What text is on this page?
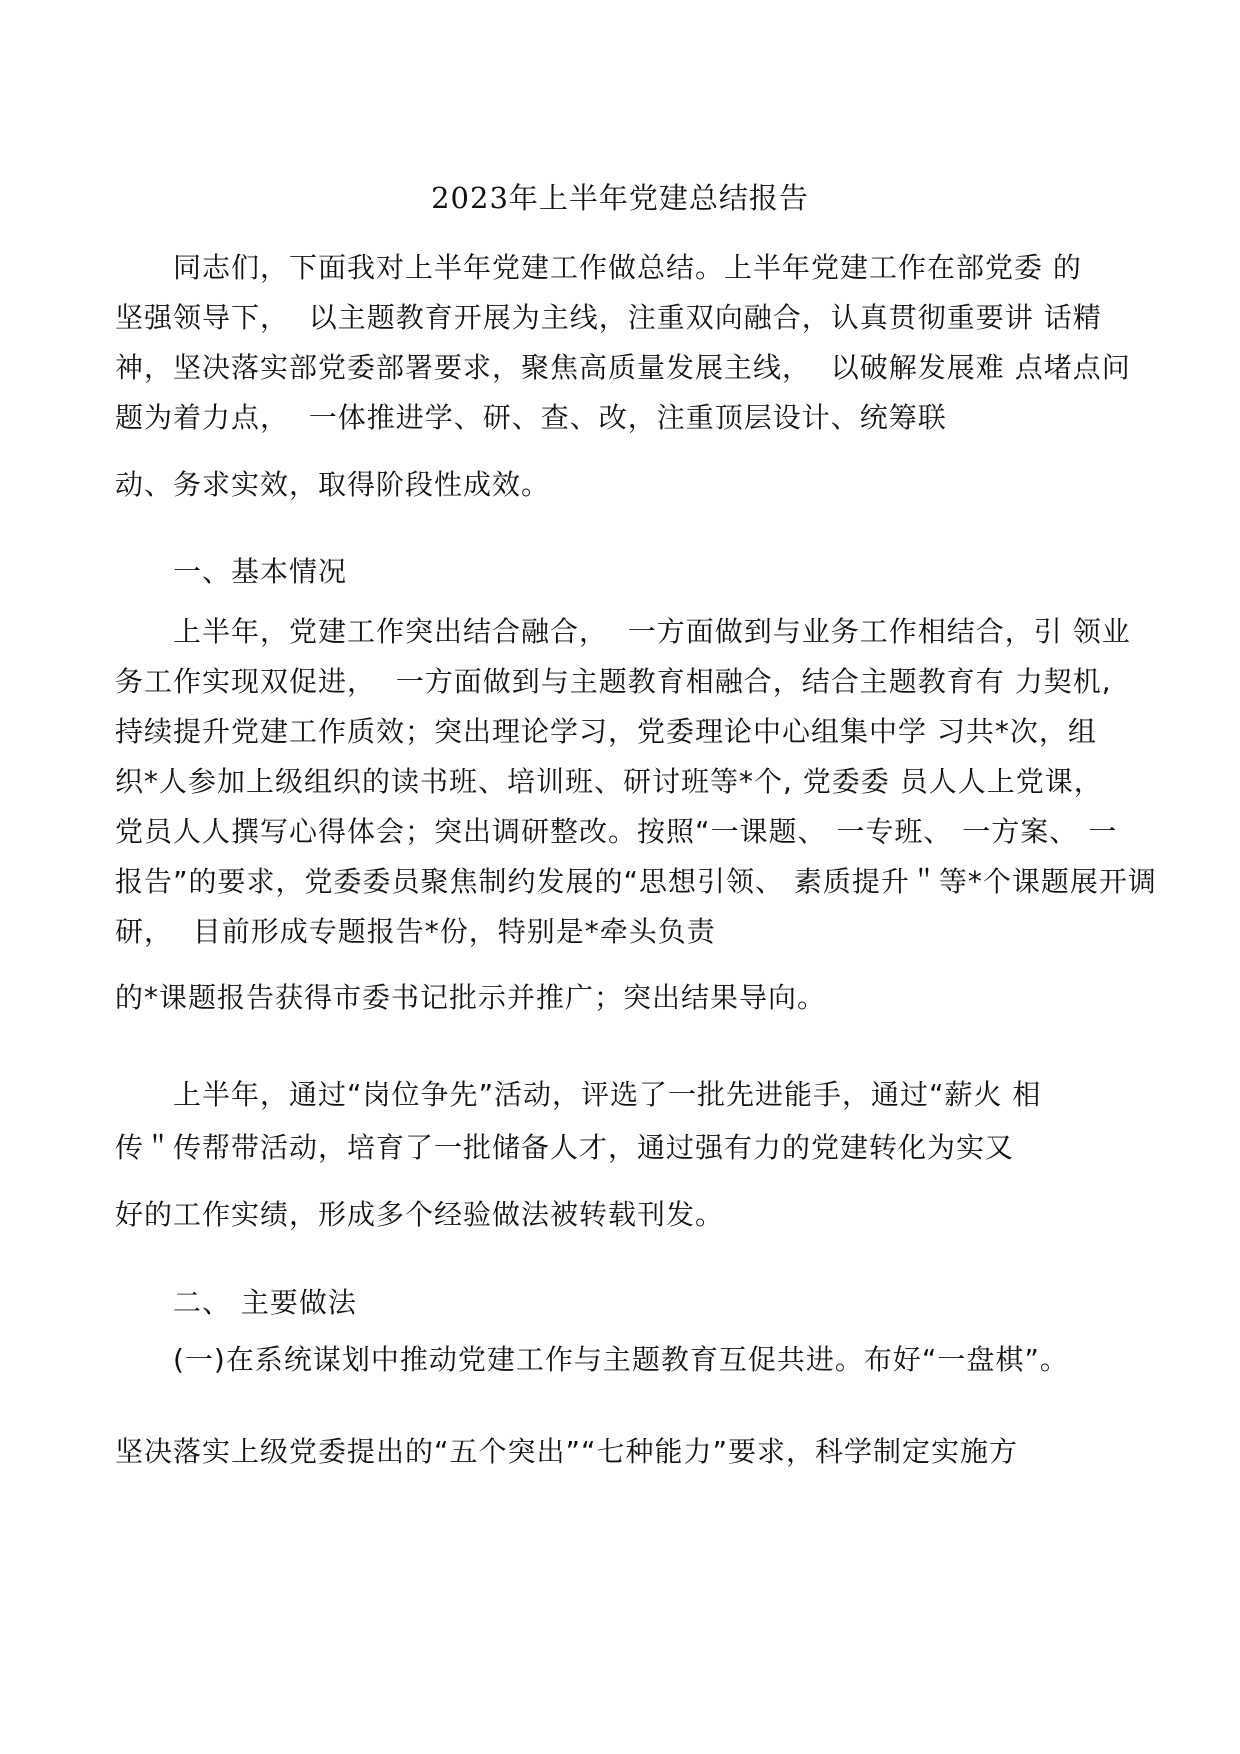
2023年上半年党建总结报告
同志们，下面我对上半年党建工作做总结。上半年党建工作在部党委 的
坚强领导下，  以主题教育开展为主线，注重双向融合，认真贯彻重要讲 话精
神，坚决落实部党委部署要求，聚焦高质量发展主线，  以破解发展难 点堵点问
题为着力点，  一体推进学、研、查、改，注重顶层设计、统筹联
动、务求实效，取得阶段性成效。
一、基本情况
上半年，党建工作突出结合融合，  一方面做到与业务工作相结合，引 领业
务工作实现双促进，  一方面做到与主题教育相融合，结合主题教育有 力契机,
持续提升党建工作质效；突出理论学习，党委理论中心组集中学 习共*次，组
织*人参加上级组织的读书班、培训班、研讨班等*个, 党委委 员人人上党课，
党员人人撰写心得体会；突出调研整改。按照“一课题、 一专班、 一方案、 一
报告”的要求，党委委员聚焦制约发展的“思想引领、 素质提升＂等*个课题展开调
研，  目前形成专题报告*份，特别是*牵头负责
的*课题报告获得市委书记批示并推广；突出结果导向。
上半年，通过“岗位争先”活动，评选了一批先进能手，通过“薪火 相
传＂传帮带活动，培育了一批储备人才，通过强有力的党建转化为实又
好的工作实绩，形成多个经验做法被转载刊发。
二、 主要做法
(一)在系统谋划中推动党建工作与主题教育互促共进。布好“一盘棋”。
坚决落实上级党委提出的“五个突出”“七种能力”要求，科学制定实施方
